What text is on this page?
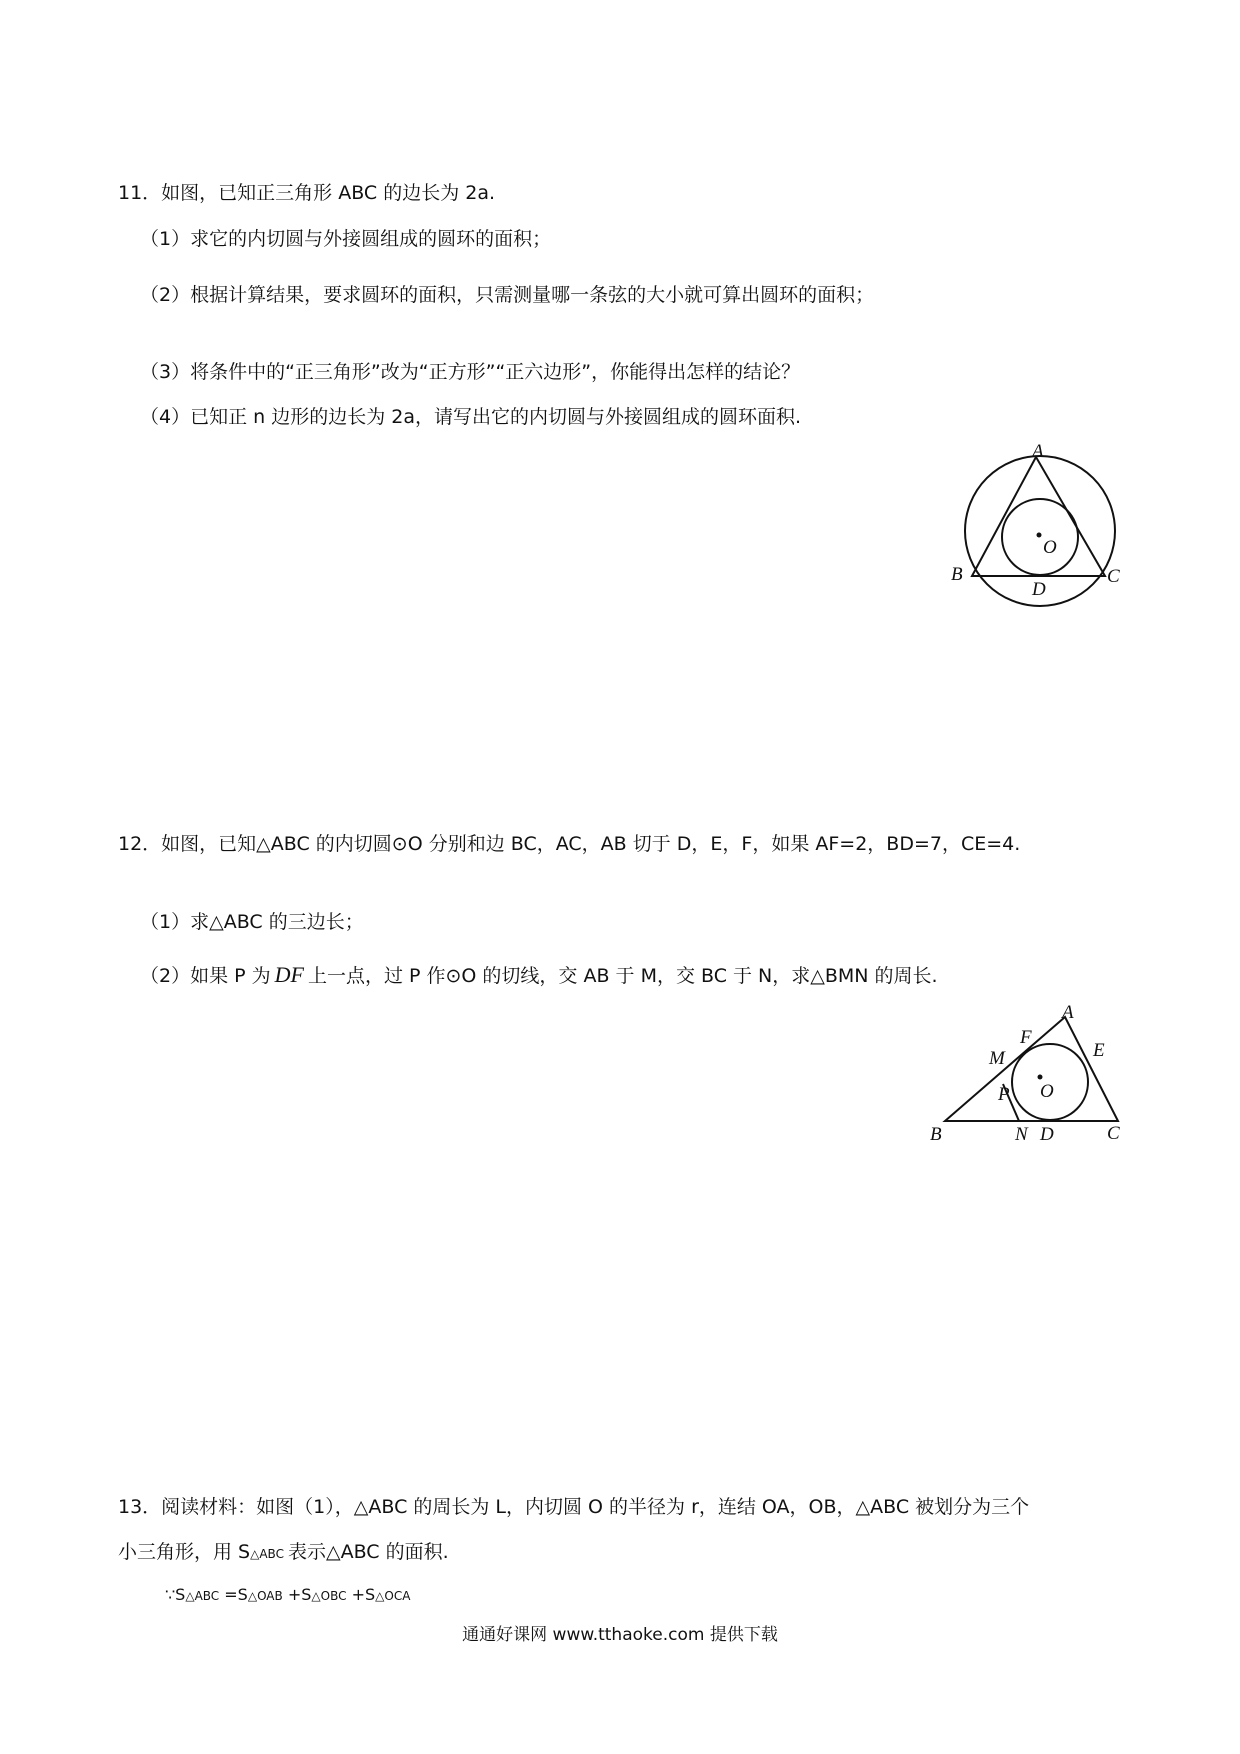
11．如图，已知正三角形 ABC 的边长为 2a.
（1）求它的内切圆与外接圆组成的圆环的面积；
（2）根据计算结果，要求圆环的面积，只需测量哪一条弦的大小就可算出圆环的面积；
（3）将条件中的“正三角形”改为“正方形”“正六边形”，你能得出怎样的结论？
（4）已知正 n 边形的边长为 2a，请写出它的内切圆与外接圆组成的圆环面积.
A
B	C
D
O
12．如图，已知△ABC 的内切圆⊙O 分别和边 BC，AC，AB 切于 D，E，F，如果 AF=2，BD=7，CE=4.
（1）求△ABC 的三边长；
（2）如果 P 为 DF 上一点，过 P 作⊙O 的切线，交 AB 于 M，交 BC 于 N，求△BMN 的周长.
A
E
F
M
P O
B	N D	C
13．阅读材料：如图（1），△ABC 的周长为 L，内切圆 O 的半径为 r，连结 OA，OB，△ABC 被划分为三个
小三角形，用 S△ABC 表示△ABC 的面积.
∵S△ABC =S△OAB +S△OBC +S△OCA
通通好课网 www.tthaoke.com 提供下载
